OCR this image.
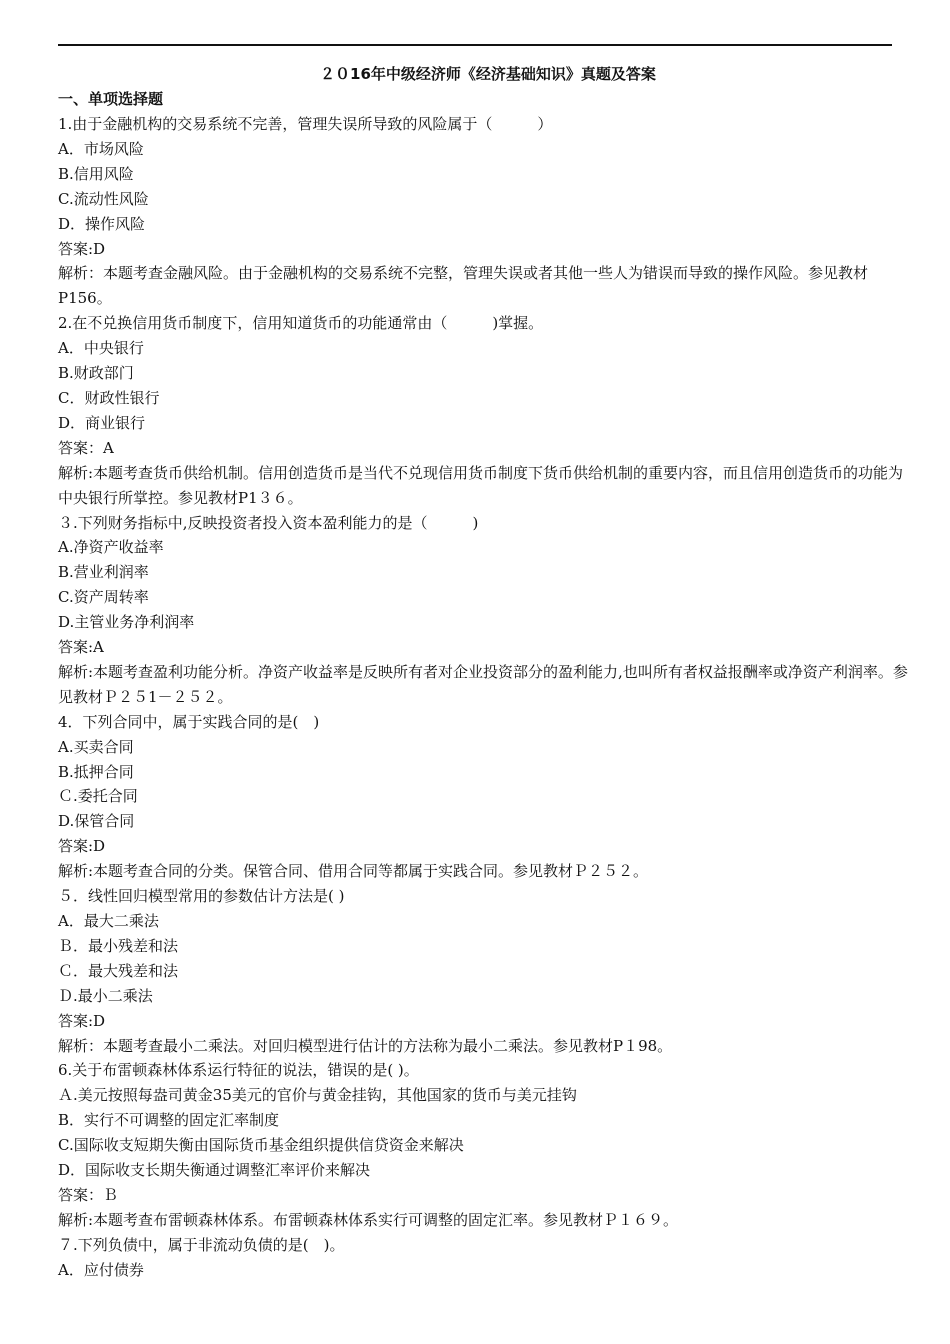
２０16年中级经济师《经济基础知识》真题及答案
一、单项选择题
1.由于金融机构的交易系统不完善，管理失误所导致的风险属于（　　　）
A．市场风险
B.信用风险
C.流动性风险
D．操作风险
答案:D
解析：本题考查金融风险。由于金融机构的交易系统不完整，管理失误或者其他一些人为错误而导致的操作风险。参见教材P156。
2.在不兑换信用货币制度下，信用知道货币的功能通常由（　　　)掌握。
A．中央银行
B.财政部门
C．财政性银行
D．商业银行
答案：A
解析:本题考查货币供给机制。信用创造货币是当代不兑现信用货币制度下货币供给机制的重要内容，而且信用创造货币的功能为中央银行所掌控。参见教材P1３６。
３.下列财务指标中,反映投资者投入资本盈利能力的是（　　　)
A.净资产收益率
B.营业利润率
C.资产周转率
D.主管业务净利润率
答案:A
解析:本题考查盈利功能分析。净资产收益率是反映所有者对企业投资部分的盈利能力,也叫所有者权益报酬率或净资产利润率。参见教材Ｐ２５1－２５２。
4．下列合同中，属于实践合同的是(　)
A.买卖合同
B.抵押合同
Ｃ.委托合同
D.保管合同
答案:D
解析:本题考查合同的分类。保管合同、借用合同等都属于实践合同。参见教材Ｐ２５２。
５．线性回归模型常用的参数估计方法是( )
A．最大二乘法
Ｂ．最小残差和法
Ｃ．最大残差和法
Ｄ.最小二乘法
答案:D
解析：本题考查最小二乘法。对回归模型进行估计的方法称为最小二乘法。参见教材P１98。
6.关于布雷顿森林体系运行特征的说法，错误的是( )。
Ａ.美元按照每盎司黄金35美元的官价与黄金挂钩，其他国家的货币与美元挂钩
B．实行不可调整的固定汇率制度
C.国际收支短期失衡由国际货币基金组织提供信贷资金来解决
D．国际收支长期失衡通过调整汇率评价来解决
答案：Ｂ
解析:本题考查布雷顿森林体系。布雷顿森林体系实行可调整的固定汇率。参见教材Ｐ１６９。
７.下列负债中，属于非流动负债的是(　)。
A．应付债券
